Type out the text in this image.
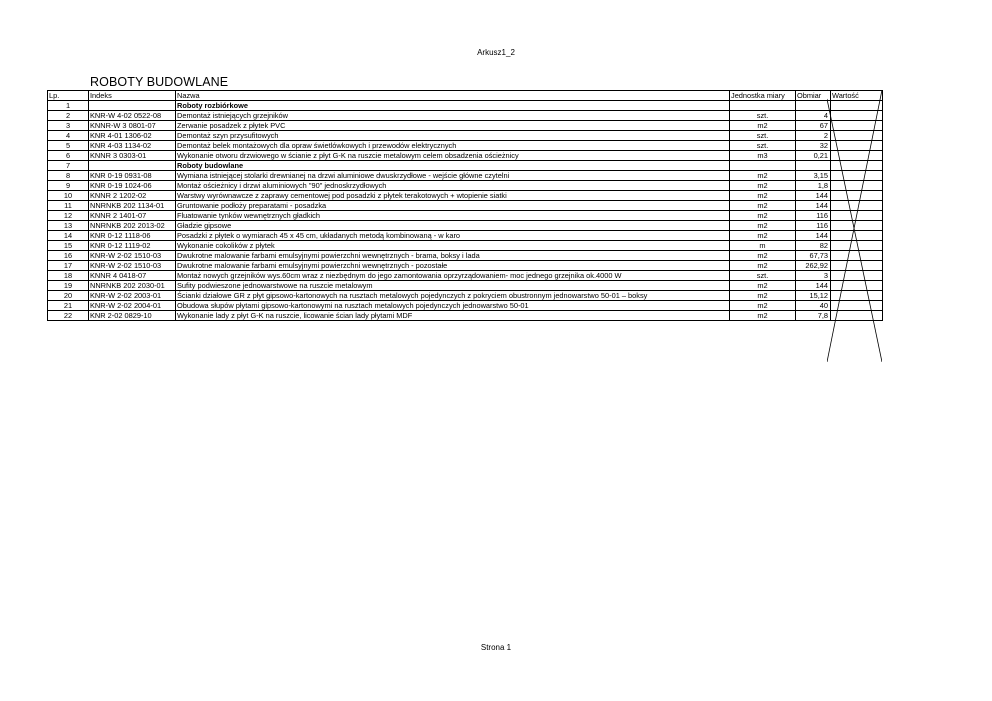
Arkusz1_2
ROBOTY BUDOWLANE
Lp.	Indeks	Nazwa	Jednostka miary	Obmiar	Wartość
1		Roboty rozbiórkowe			
2	KNR-W 4-02 0522-08	Demontaż istniejących grzejników	szt.	4	
3	KNNR-W 3 0801-07	Zerwanie posadzek z płytek PVC	m2	67	
4	KNR 4-01 1306-02	Demontaż szyn przysufitowych	szt.	2	
5	KNR 4-03 1134-02	Demontaż belek montażowych dla opraw świetlówkowych i przewodów elektrycznych	szt.	32	
6	KNNR 3 0303-01	Wykonanie otworu drzwiowego w ścianie z płyt G-K na ruszcie metalowym celem obsadzenia ościeżnicy	m3	0,21	
7		Roboty budowlane			
8	KNR 0-19 0931-08	Wymiana istniejącej stolarki drewnianej na drzwi aluminiowe dwuskrzydłowe - wejście główne czytelni	m2	3,15	
9	KNR 0-19 1024-06	Montaż ościeżnicy i drzwi aluminiowych "90" jednoskrzydłowych	m2	1,8	
10	KNNR 2 1202-02	Warstwy wyrównawcze z zaprawy cementowej pod posadzki z płytek terakotowych + wtopienie siatki	m2	144	
11	NNRNKB 202 1134-01	Gruntowanie podłoży preparatami - posadzka	m2	144	
12	KNNR 2 1401-07	Fluatowanie tynków wewnętrznych gładkich	m2	116	
13	NNRNKB 202 2013-02	Gładzie gipsowe	m2	116	
14	KNR 0-12 1118-06	Posadzki z płytek o wymiarach 45 x 45 cm, układanych metodą kombinowaną - w karo	m2	144	
15	KNR 0-12 1119-02	Wykonanie cokolików z płytek	m	82	
16	KNR-W 2-02 1510-03	Dwukrotne malowanie farbami emulsyjnymi powierzchni wewnętrznych - brama, boksy i lada	m2	67,73	
17	KNR-W 2-02 1510-03	Dwukrotne malowanie farbami emulsyjnymi powierzchni wewnętrznych - pozostałe	m2	262,92	
18	KNNR 4 0418-07	Montaż nowych grzejników wys.60cm wraz z niezbędnym do jego zamontowania oprzyrządowaniem- moc jednego grzejnika ok.4000 W	szt.	3	
19	NNRNKB 202 2030-01	Sufity podwieszone jednowarstwowe na ruszcie metalowym	m2	144	
20	KNR-W 2-02 2003-01	Ścianki działowe GR z płyt gipsowo-kartonowych na rusztach metalowych pojedynczych z pokryciem obustronnym jednowarstwo 50-01 – boksy	m2	15,12	
21	KNR-W 2-02 2004-01	Obudowa słupów płytami gipsowo-kartonowymi na rusztach metalowych pojedynczych jednowarstwo 50-01	m2	40	
22	KNR 2-02 0829-10	Wykonanie lady z płyt G-K na ruszcie, licowanie ścian lady płytami MDF	m2	7,8	
Strona 1
